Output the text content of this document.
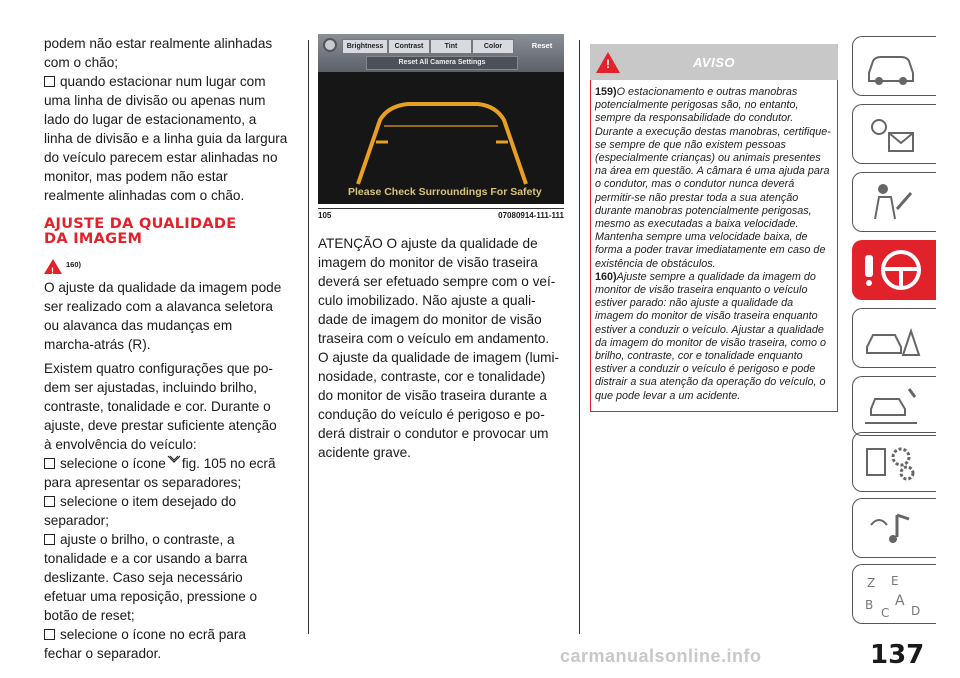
podem não estar realmente alinhadas
com o chão;

quando estacionar num lugar com
uma linha de divisão ou apenas num
lado do lugar de estacionamento, a
linha de divisão e a linha guia da largura
do veículo parecem estar alinhadas no
monitor, mas podem não estar
realmente alinhadas com o chão.

AJUSTE DA QUALIDADE
DA IMAGEM
!
160)

O ajuste da qualidade da imagem pode
ser realizado com a alavanca seletora
ou alavanca das mudanças em
marcha-atrás (R).

Existem quatro configurações que po-
dem ser ajustadas, incluindo brilho,
contraste, tonalidade e cor. Durante o
ajuste, deve prestar suficiente atenção
à envolvência do veículo:

selecione o ícone fig. 105 no ecrã
para apresentar os separadores;

selecione o item desejado do
separador;

ajuste o brilho, o contraste, a
tonalidade e a cor usando a barra
deslizante. Caso seja necessário
efetuar uma reposição, pressione o
botão de reset;

selecione o ícone no ecrã para
fechar o separador.

Brightness	Contrast	Tint	Color	Reset
Reset All Camera Settings
Please Check Surroundings For Safety
105	07080914-111-111

ATENÇÃO O ajuste da qualidade de
imagem do monitor de visão traseira
deverá ser efetuado sempre com o veí-
culo imobilizado. Não ajuste a quali-
dade de imagem do monitor de visão
traseira com o veículo em andamento.
O ajuste da qualidade de imagem (lumi-
nosidade, contraste, cor e tonalidade)
do monitor de visão traseira durante a
condução do veículo é perigoso e po-
derá distrair o condutor e provocar um
acidente grave.

!	AVISO

159)O estacionamento e outras manobras potencialmente perigosas são, no entanto, sempre da responsabilidade do condutor. Durante a execução destas manobras, certifique-se sempre de que não existem pessoas (especialmente crianças) ou animais presentes na área em questão. A câmara é uma ajuda para o condutor, mas o condutor nunca deverá permitir-se não prestar toda a sua atenção durante manobras potencialmente perigosas, mesmo as executadas a baixa velocidade. Mantenha sempre uma velocidade baixa, de forma a poder travar imediatamente em caso de existência de obstáculos.

160)Ajuste sempre a qualidade da imagem do monitor de visão traseira enquanto o veículo estiver parado: não ajuste a qualidade da imagem do monitor de visão traseira enquanto estiver a conduzir o veículo. Ajustar a qualidade da imagem do monitor de visão traseira, como o brilho, contraste, cor e tonalidade enquanto estiver a conduzir o veículo é perigoso e pode distrair a sua atenção da operação do veículo, o que pode levar a um acidente.

Z E
B
C
A
D
137
carmanualsonline.info
